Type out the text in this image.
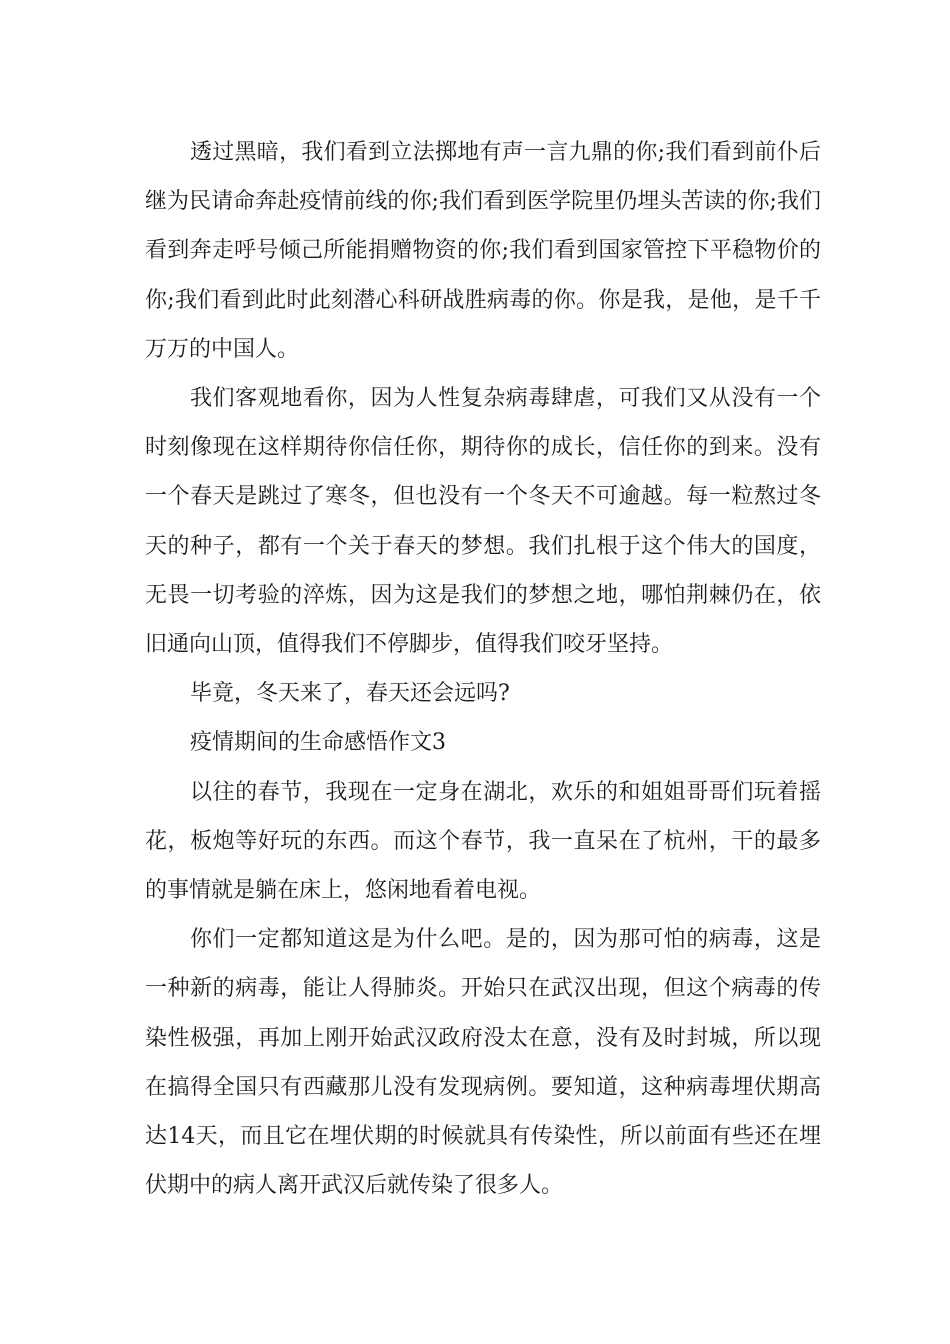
透过黑暗，我们看到立法掷地有声一言九鼎的你;我们看到前仆后继为民请命奔赴疫情前线的你;我们看到医学院里仍埋头苦读的你;我们看到奔走呼号倾己所能捐赠物资的你;我们看到国家管控下平稳物价的你;我们看到此时此刻潜心科研战胜病毒的你。你是我，是他，是千千万万的中国人。

我们客观地看你，因为人性复杂病毒肆虐，可我们又从没有一个时刻像现在这样期待你信任你，期待你的成长，信任你的到来。没有一个春天是跳过了寒冬，但也没有一个冬天不可逾越。每一粒熬过冬天的种子，都有一个关于春天的梦想。我们扎根于这个伟大的国度，无畏一切考验的淬炼，因为这是我们的梦想之地，哪怕荆棘仍在，依旧通向山顶，值得我们不停脚步，值得我们咬牙坚持。

毕竟，冬天来了，春天还会远吗?

疫情期间的生命感悟作文3

以往的春节，我现在一定身在湖北，欢乐的和姐姐哥哥们玩着摇花，板炮等好玩的东西。而这个春节，我一直呆在了杭州，干的最多的事情就是躺在床上，悠闲地看着电视。

你们一定都知道这是为什么吧。是的，因为那可怕的病毒，这是一种新的病毒，能让人得肺炎。开始只在武汉出现，但这个病毒的传染性极强，再加上刚开始武汉政府没太在意，没有及时封城，所以现在搞得全国只有西藏那儿没有发现病例。要知道，这种病毒埋伏期高达14天，而且它在埋伏期的时候就具有传染性，所以前面有些还在埋伏期中的病人离开武汉后就传染了很多人。
